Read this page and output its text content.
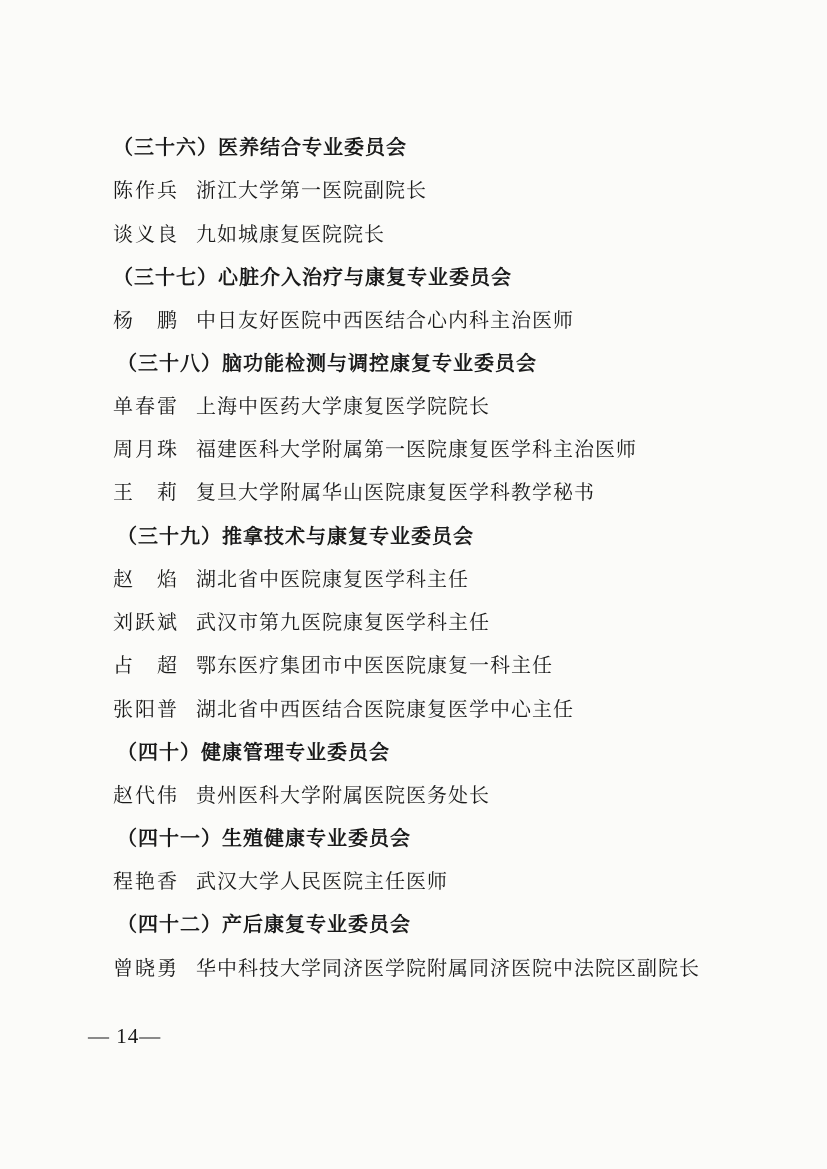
（三十六）医养结合专业委员会
陈作兵 浙江大学第一医院副院长
谈义良 九如城康复医院院长
（三十七）心脏介入治疗与康复专业委员会
杨鹏
中日友好医院中西医结合心内科主治医师
（三十八）脑功能检测与调控康复专业委员会
单春雷 上海中医药大学康复医学院院长
周月珠 福建医科大学附属第一医院康复医学科主治医师
王莉
复旦大学附属华山医院康复医学科教学秘书
（三十九）推拿技术与康复专业委员会
赵焰
湖北省中医院康复医学科主任
刘跃斌 武汉市第九医院康复医学科主任
占超
鄂东医疗集团市中医医院康复一科主任
张阳普 湖北省中西医结合医院康复医学中心主任
（四十）健康管理专业委员会
赵代伟 贵州医科大学附属医院医务处长
（四十一）生殖健康专业委员会
程艳香 武汉大学人民医院主任医师
（四十二）产后康复专业委员会
曾晓勇 华中科技大学同济医学院附属同济医院中法院区副院长
— 14—
